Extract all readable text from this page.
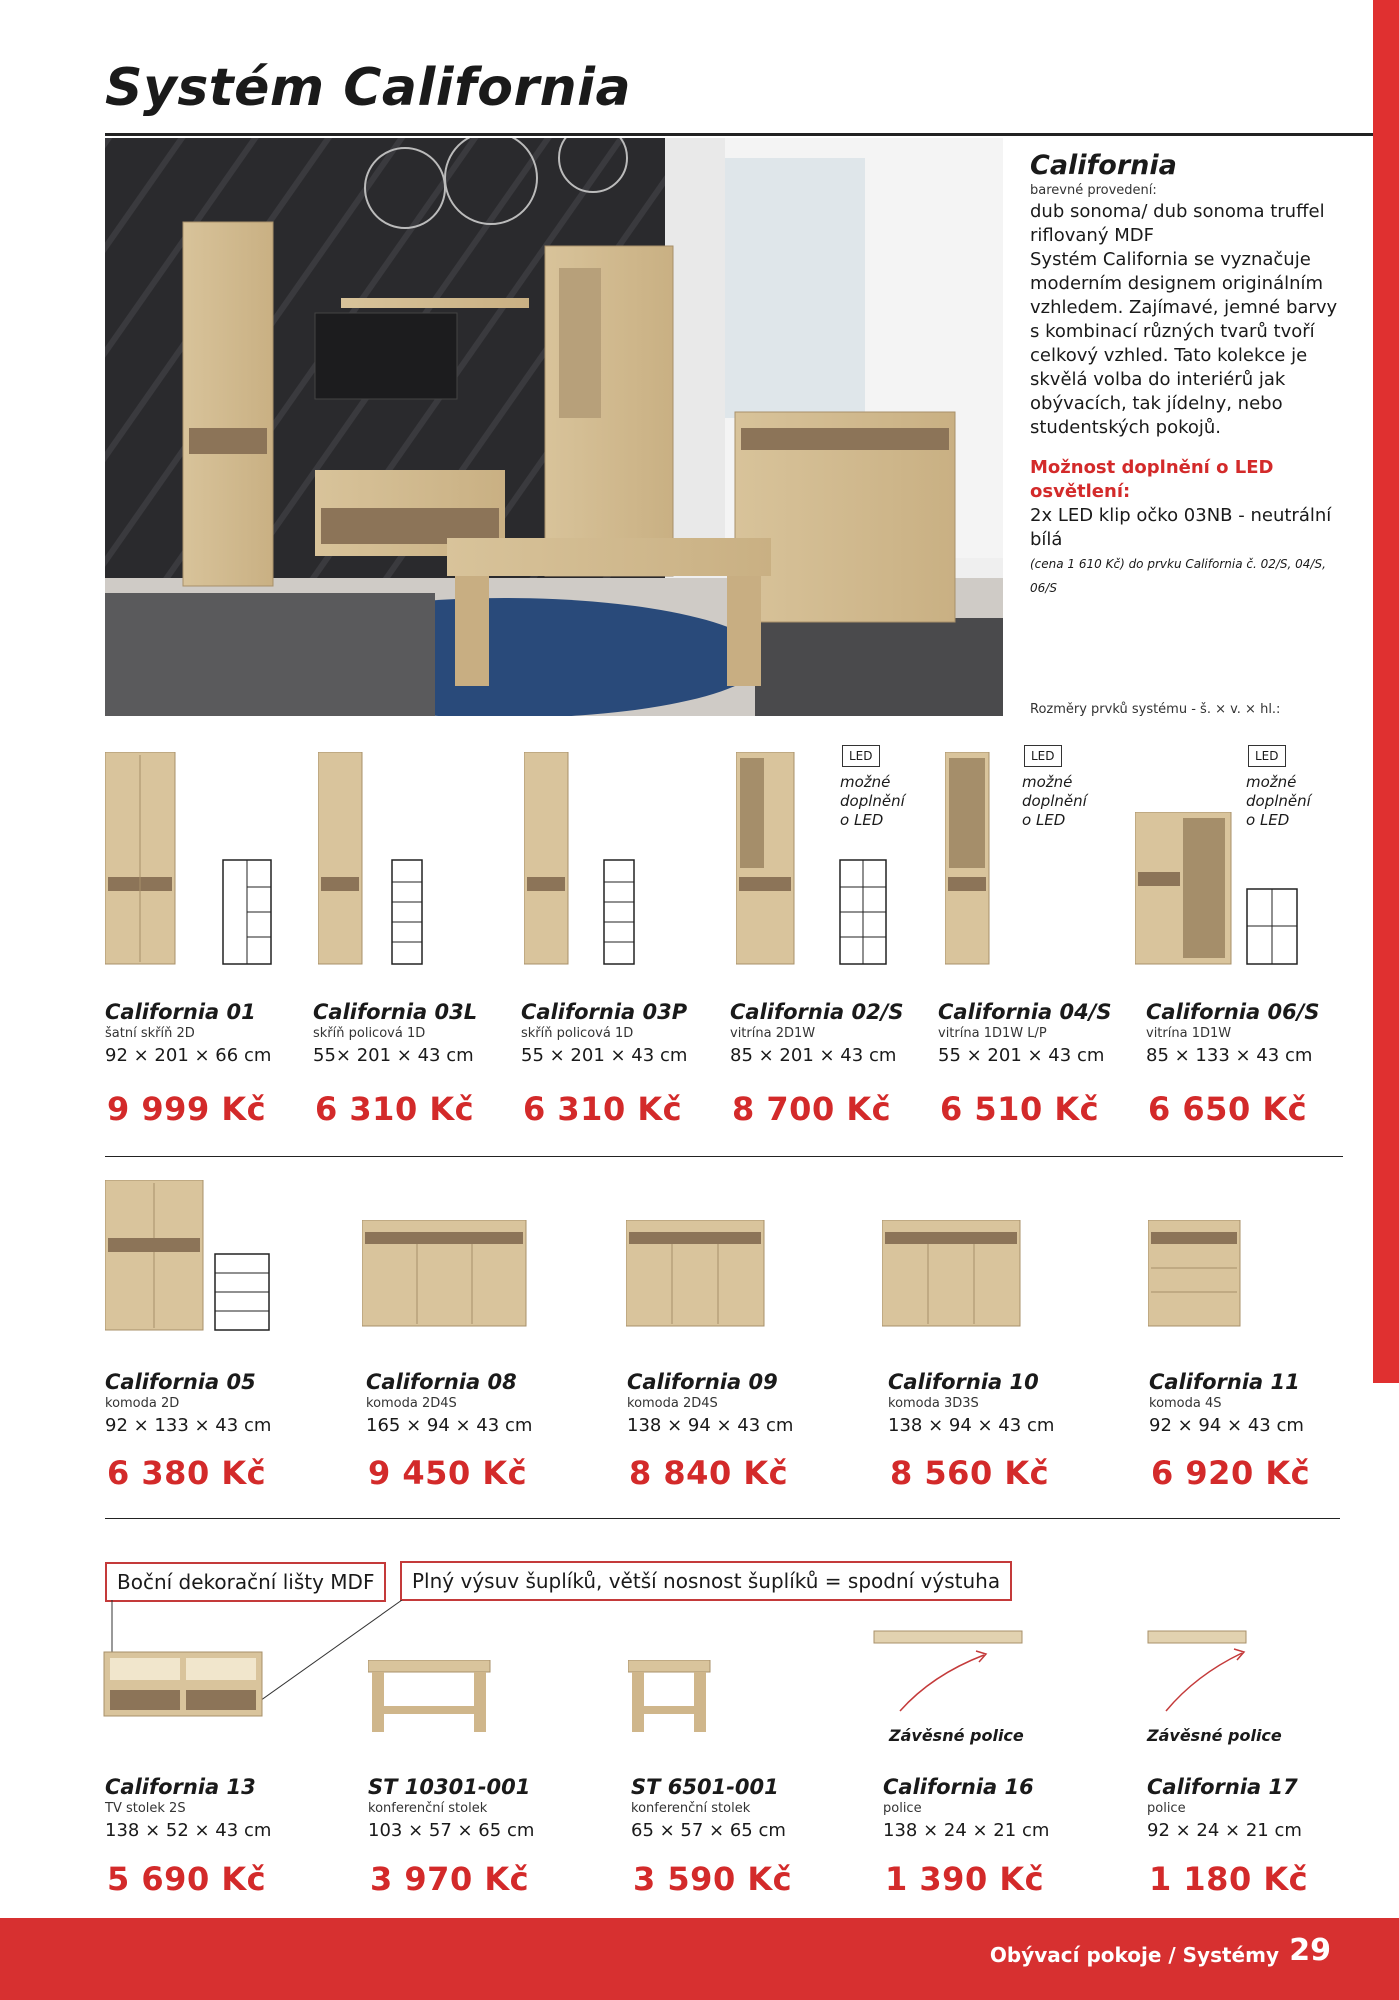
Systém California
California
barevné provedení:
dub sonoma/ dub sonoma truffel riflovaný MDF
Systém California se vyznačuje moderním designem originálním vzhledem. Zajímavé, jemné barvy s kombinací různých tvarů tvoří celkový vzhled. Tato kolekce je skvělá volba do interiérů jak obývacích, tak jídelny, nebo studentských pokojů.
Možnost doplnění o LED osvětlení:
2x LED klip očko 03NB - neutrální bílá
(cena 1 610 Kč) do prvku California č. 02/S, 04/S, 06/S
Rozměry prvků systému - š. × v. × hl.:
LED
možné
doplnění
o LED
LED
možné
doplnění
o LED
LED
možné
doplnění
o LED
California 01
šatní skříň 2D
92 × 201 × 66 cm
9 999 Kč
California 03L
skříň policová 1D
55× 201 × 43 cm
6 310 Kč
California 03P
skříň policová 1D
55 × 201 × 43 cm
6 310 Kč
California 02/S
vitrína 2D1W
85 × 201 × 43 cm
8 700 Kč
California 04/S
vitrína 1D1W L/P
55 × 201 × 43 cm
6 510 Kč
California 06/S
vitrína 1D1W
85 × 133 × 43 cm
6 650 Kč
California 05
komoda 2D
92 × 133 × 43 cm
6 380 Kč
California 08
komoda 2D4S
165 × 94 × 43 cm
9 450 Kč
California 09
komoda 2D4S
138 × 94 × 43 cm
8 840 Kč
California 10
komoda 3D3S
138 × 94 × 43 cm
8 560 Kč
California 11
komoda 4S
92 × 94 × 43 cm
6 920 Kč
Boční dekorační lišty MDF	Plný výsuv šuplíků, větší nosnost šuplíků = spodní výstuha
Závěsné police	Závěsné police
California 13
TV stolek 2S
138 × 52 × 43 cm
5 690 Kč
ST 10301-001
konferenční stolek
103 × 57 × 65 cm
3 970 Kč
ST 6501-001
konferenční stolek
65 × 57 × 65 cm
3 590 Kč
California 16
police
138 × 24 × 21 cm
1 390 Kč
California 17
police
92 × 24 × 21 cm
1 180 Kč
Obývací pokoje / Systémy 29
